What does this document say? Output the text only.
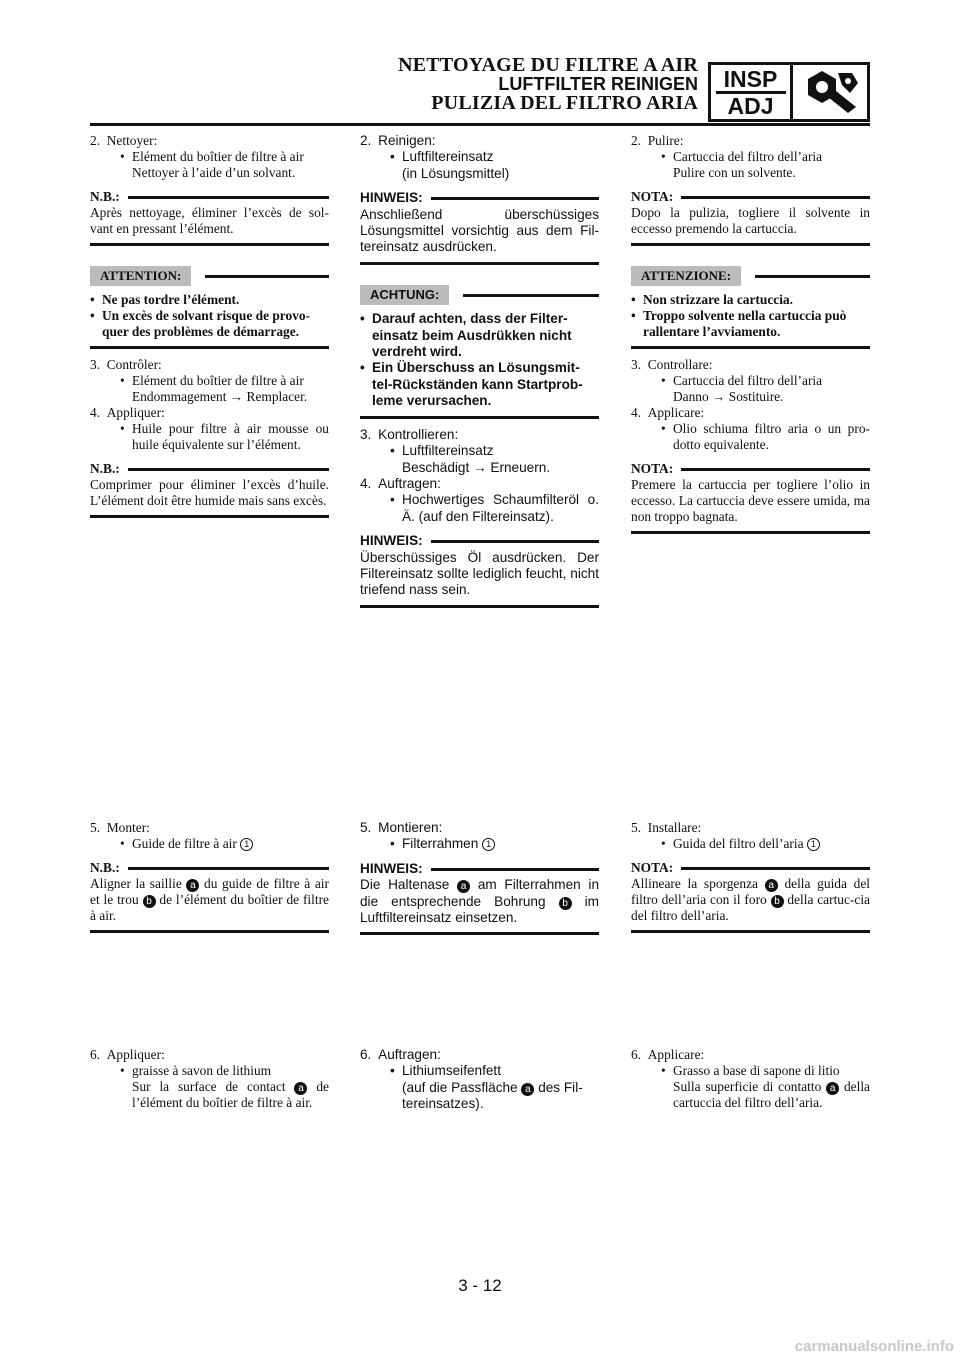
NETTOYAGE DU FILTRE A AIR
LUFTFILTER REINIGEN
PULIZIA DEL FILTRO ARIA
INSP
ADJ

2. Nettoyer:

• Elément du boîtier de filtre à air

Nettoyer à l’aide d’un solvant.

N.B.:

Après nettoyage, éliminer l’excès de sol-vant en pressant l’élément.

ATTENTION:

• Ne pas tordre l’élément.

• Un excès de solvant risque de provo-quer des problèmes de démarrage.

3. Contrôler:

• Elément du boîtier de filtre à air

Endommagement → Remplacer.

4. Appliquer:

• Huile pour filtre à air mousse ou huile équivalente sur l’élément.

N.B.:

Comprimer pour éliminer l’excès d’huile. L’élément doit être humide mais sans excès.

2. Reinigen:

• Luftfiltereinsatz

(in Lösungsmittel)

HINWEIS:

Anschließend überschüssiges Lösungsmittel vorsichtig aus dem Fil-tereinsatz ausdrücken.

ACHTUNG:

• Darauf achten, dass der Filter-einsatz beim Ausdrükken nicht verdreht wird.

• Ein Überschuss an Lösungsmit-tel-Rückständen kann Startprob-leme verursachen.

3. Kontrollieren:

• Luftfiltereinsatz

Beschädigt → Erneuern.

4. Auftragen:

• Hochwertiges Schaumfilteröl o. Ä. (auf den Filtereinsatz).

HINWEIS:

Überschüssiges Öl ausdrücken. Der Filtereinsatz sollte lediglich feucht, nicht triefend nass sein.

2. Pulire:

• Cartuccia del filtro dell’aria

Pulire con un solvente.

NOTA:

Dopo la pulizia, togliere il solvente in eccesso premendo la cartuccia.

ATTENZIONE:

• Non strizzare la cartuccia.

• Troppo solvente nella cartuccia può rallentare l’avviamento.

3. Controllare:

• Cartuccia del filtro dell’aria

Danno → Sostituire.

4. Applicare:

• Olio schiuma filtro aria o un pro-dotto equivalente.

NOTA:

Premere la cartuccia per togliere l’olio in eccesso. La cartuccia deve essere umida, ma non troppo bagnata.

5. Monter:

• Guide de filtre à air 1

N.B.:

Aligner la saillie a du guide de filtre à air et le trou b de l’élément du boîtier de filtre à air.

5. Montieren:

• Filterrahmen 1

HINWEIS:

Die Haltenase a am Filterrahmen in die entsprechende Bohrung b im Luftfiltereinsatz einsetzen.

5. Installare:

• Guida del filtro dell’aria 1

NOTA:

Allineare la sporgenza a della guida del filtro dell’aria con il foro b della cartuc-cia del filtro dell’aria.

6. Appliquer:

• graisse à savon de lithium

Sur la surface de contact a de l’élément du boîtier de filtre à air.

6. Auftragen:

• Lithiumseifenfett

(auf die Passfläche a des Fil-tereinsatzes).

6. Applicare:

• Grasso a base di sapone di litio

Sulla superficie di contatto a della cartuccia del filtro dell’aria.

3 - 12
carmanualsonline.info
